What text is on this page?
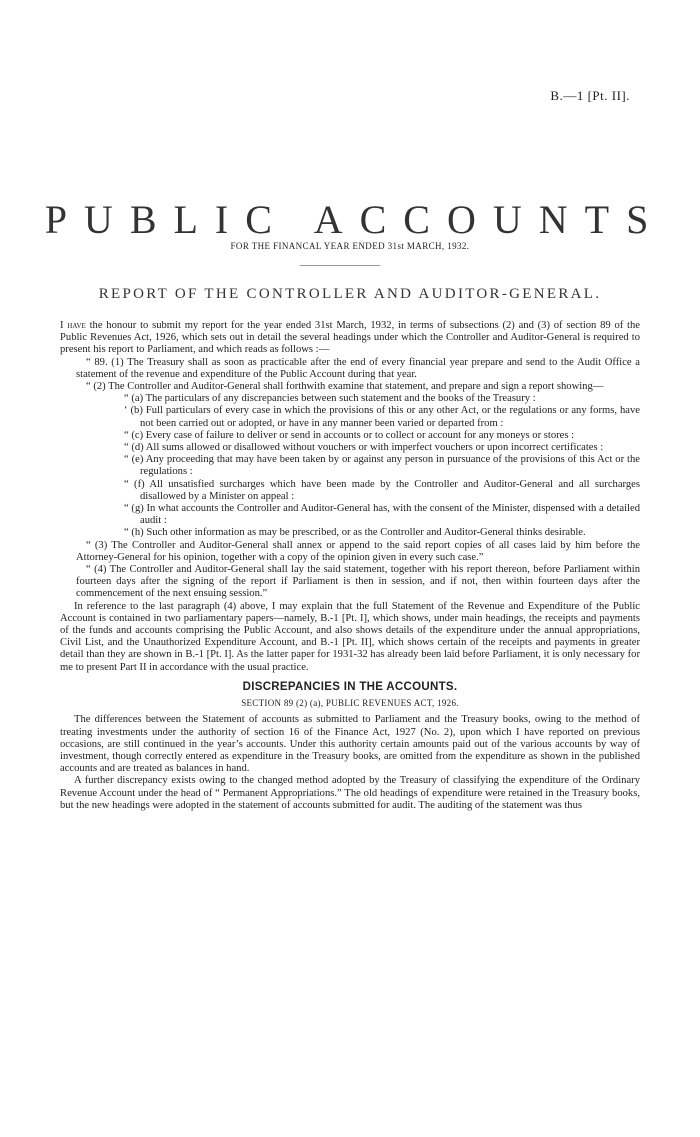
B.—1 [Pt. II].
PUBLIC ACCOUNTS
FOR THE FINANCAL YEAR ENDED 31st MARCH, 1932.
REPORT OF THE CONTROLLER AND AUDITOR-GENERAL.

I have the honour to submit my report for the year ended 31st March, 1932, in terms of subsections (2) and (3) of section 89 of the Public Revenues Act, 1926, which sets out in detail the several headings under which the Controller and Auditor-General is required to present his report to Parliament, and which reads as follows :—

“ 89. (1) The Treasury shall as soon as practicable after the end of every financial year prepare and send to the Audit Office a statement of the revenue and expenditure of the Public Account during that year.

“ (2) The Controller and Auditor-General shall forthwith examine that statement, and prepare and sign a report showing—

“ (a) The particulars of any discrepancies between such statement and the books of the Treasury :

‘ (b) Full particulars of every case in which the provisions of this or any other Act, or the regulations or any forms, have not been carried out or adopted, or have in any manner been varied or departed from :

“ (c) Every case of failure to deliver or send in accounts or to collect or account for any moneys or stores :

“ (d) All sums allowed or disallowed without vouchers or with imperfect vouchers or upon incorrect certificates :

“ (e) Any proceeding that may have been taken by or against any person in pursuance of the provisions of this Act or the regulations :

“ (f) All unsatisfied surcharges which have been made by the Controller and Auditor-General and all surcharges disallowed by a Minister on appeal :

“ (g) In what accounts the Controller and Auditor-General has, with the consent of the Minister, dispensed with a detailed audit :

“ (h) Such other information as may be prescribed, or as the Controller and Auditor-General thinks desirable.

“ (3) The Controller and Auditor-General shall annex or append to the said report copies of all cases laid by him before the Attorney-General for his opinion, together with a copy of the opinion given in every such case.”

“ (4) The Controller and Auditor-General shall lay the said statement, together with his report thereon, before Parliament within fourteen days after the signing of the report if Parliament is then in session, and if not, then within fourteen days after the commencement of the next ensuing session.”

In reference to the last paragraph (4) above, I may explain that the full Statement of the Revenue and Expenditure of the Public Account is contained in two parliamentary papers—namely, B.-1 [Pt. I], which shows, under main headings, the receipts and payments of the funds and accounts comprising the Public Account, and also shows details of the expenditure under the annual appropriations, Civil List, and the Unauthorized Expenditure Account, and B.-1 [Pt. II], which shows certain of the receipts and payments in greater detail than they are shown in B.-1 [Pt. I]. As the latter paper for 1931-32 has already been laid before Parliament, it is only necessary for me to present Part II in accordance with the usual practice.

DISCREPANCIES IN THE ACCOUNTS.
SECTION 89 (2) (a), PUBLIC REVENUES ACT, 1926.

The differences between the Statement of accounts as submitted to Parliament and the Treasury books, owing to the method of treating investments under the authority of section 16 of the Finance Act, 1927 (No. 2), upon which I have reported on previous occasions, are still continued in the year’s accounts. Under this authority certain amounts paid out of the various accounts by way of investment, though correctly entered as expenditure in the Treasury books, are omitted from the expenditure as shown in the published accounts and are treated as balances in hand.

A further discrepancy exists owing to the changed method adopted by the Treasury of classifying the expenditure of the Ordinary Revenue Account under the head of “ Permanent Appropriations.” The old headings of expenditure were retained in the Treasury books, but the new headings were adopted in the statement of accounts submitted for audit. The auditing of the statement was thus
